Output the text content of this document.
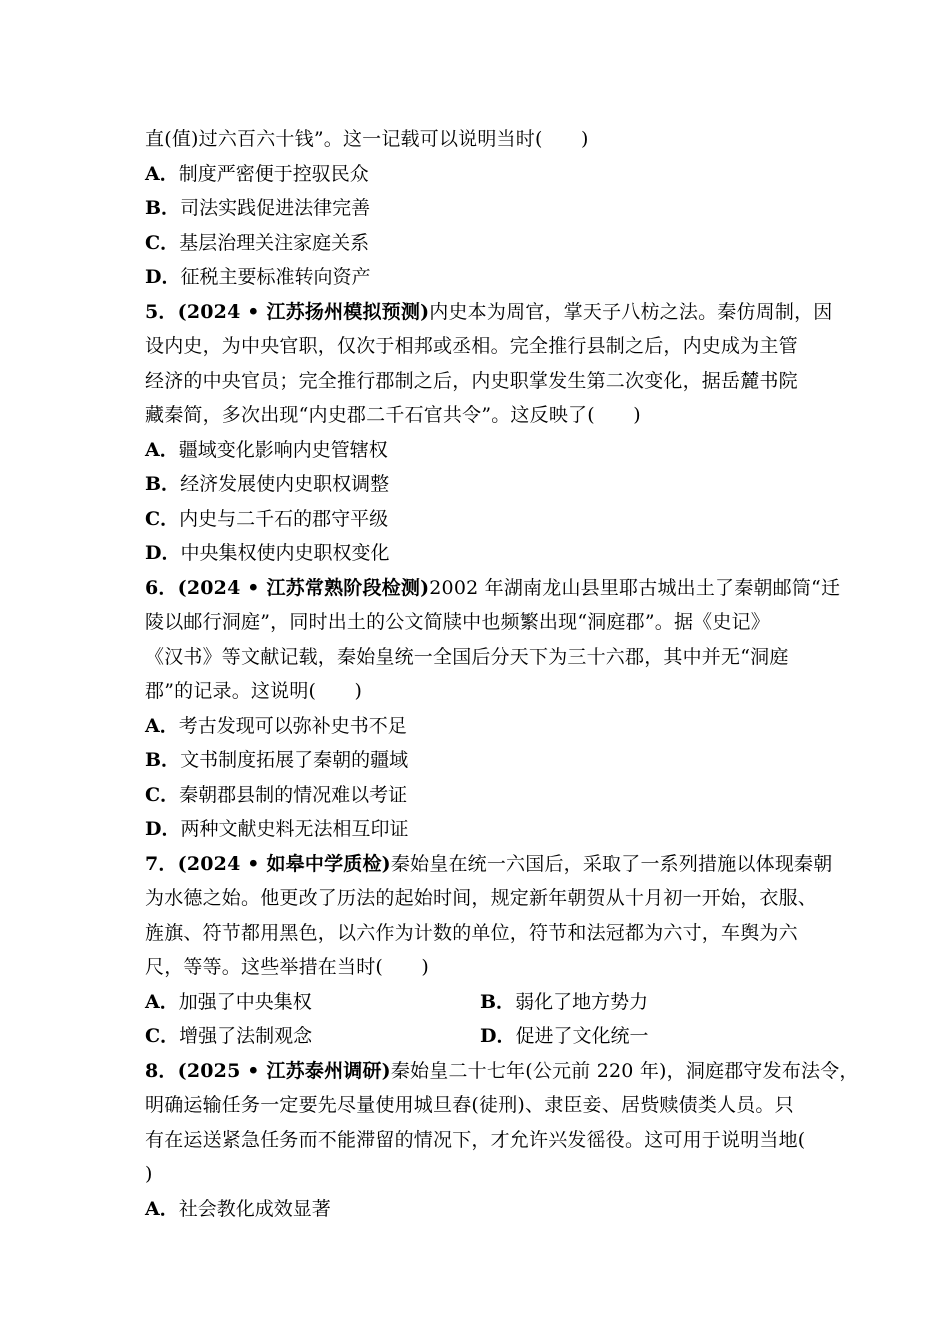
直(值)过六百六十钱”。这一记载可以说明当时(　　)
A．制度严密便于控驭民众
B．司法实践促进法律完善
C．基层治理关注家庭关系
D．征税主要标准转向资产
5．(2024 • 江苏扬州模拟预测)内史本为周官，掌天子八枋之法。秦仿周制，因
设内史，为中央官职，仅次于相邦或丞相。完全推行县制之后，内史成为主管
经济的中央官员；完全推行郡制之后，内史职掌发生第二次变化，据岳麓书院
藏秦简，多次出现“内史郡二千石官共令”。这反映了(　　)
A．疆域变化影响内史管辖权
B．经济发展使内史职权调整
C．内史与二千石的郡守平级
D．中央集权使内史职权变化
6．(2024 • 江苏常熟阶段检测)2002 年湖南龙山县里耶古城出土了秦朝邮筒“迁
陵以邮行洞庭”，同时出土的公文简牍中也频繁出现“洞庭郡”。据《史记》
《汉书》等文献记载，秦始皇统一全国后分天下为三十六郡，其中并无“洞庭
郡”的记录。这说明(　　)
A．考古发现可以弥补史书不足
B．文书制度拓展了秦朝的疆域
C．秦朝郡县制的情况难以考证
D．两种文献史料无法相互印证
7．(2024 • 如皋中学质检)秦始皇在统一六国后，采取了一系列措施以体现秦朝
为水德之始。他更改了历法的起始时间，规定新年朝贺从十月初一开始，衣服、
旌旗、符节都用黑色，以六作为计数的单位，符节和法冠都为六寸，车舆为六
尺，等等。这些举措在当时(　　)
A．加强了中央集权	B．弱化了地方势力
C．增强了法制观念	D．促进了文化统一
8．(2025 • 江苏泰州调研)秦始皇二十七年(公元前 220 年)，洞庭郡守发布法令，
明确运输任务一定要先尽量使用城旦舂(徒刑)、隶臣妾、居赀赎债类人员。只
有在运送紧急任务而不能滞留的情况下，才允许兴发徭役。这可用于说明当地(
)
A．社会教化成效显著
